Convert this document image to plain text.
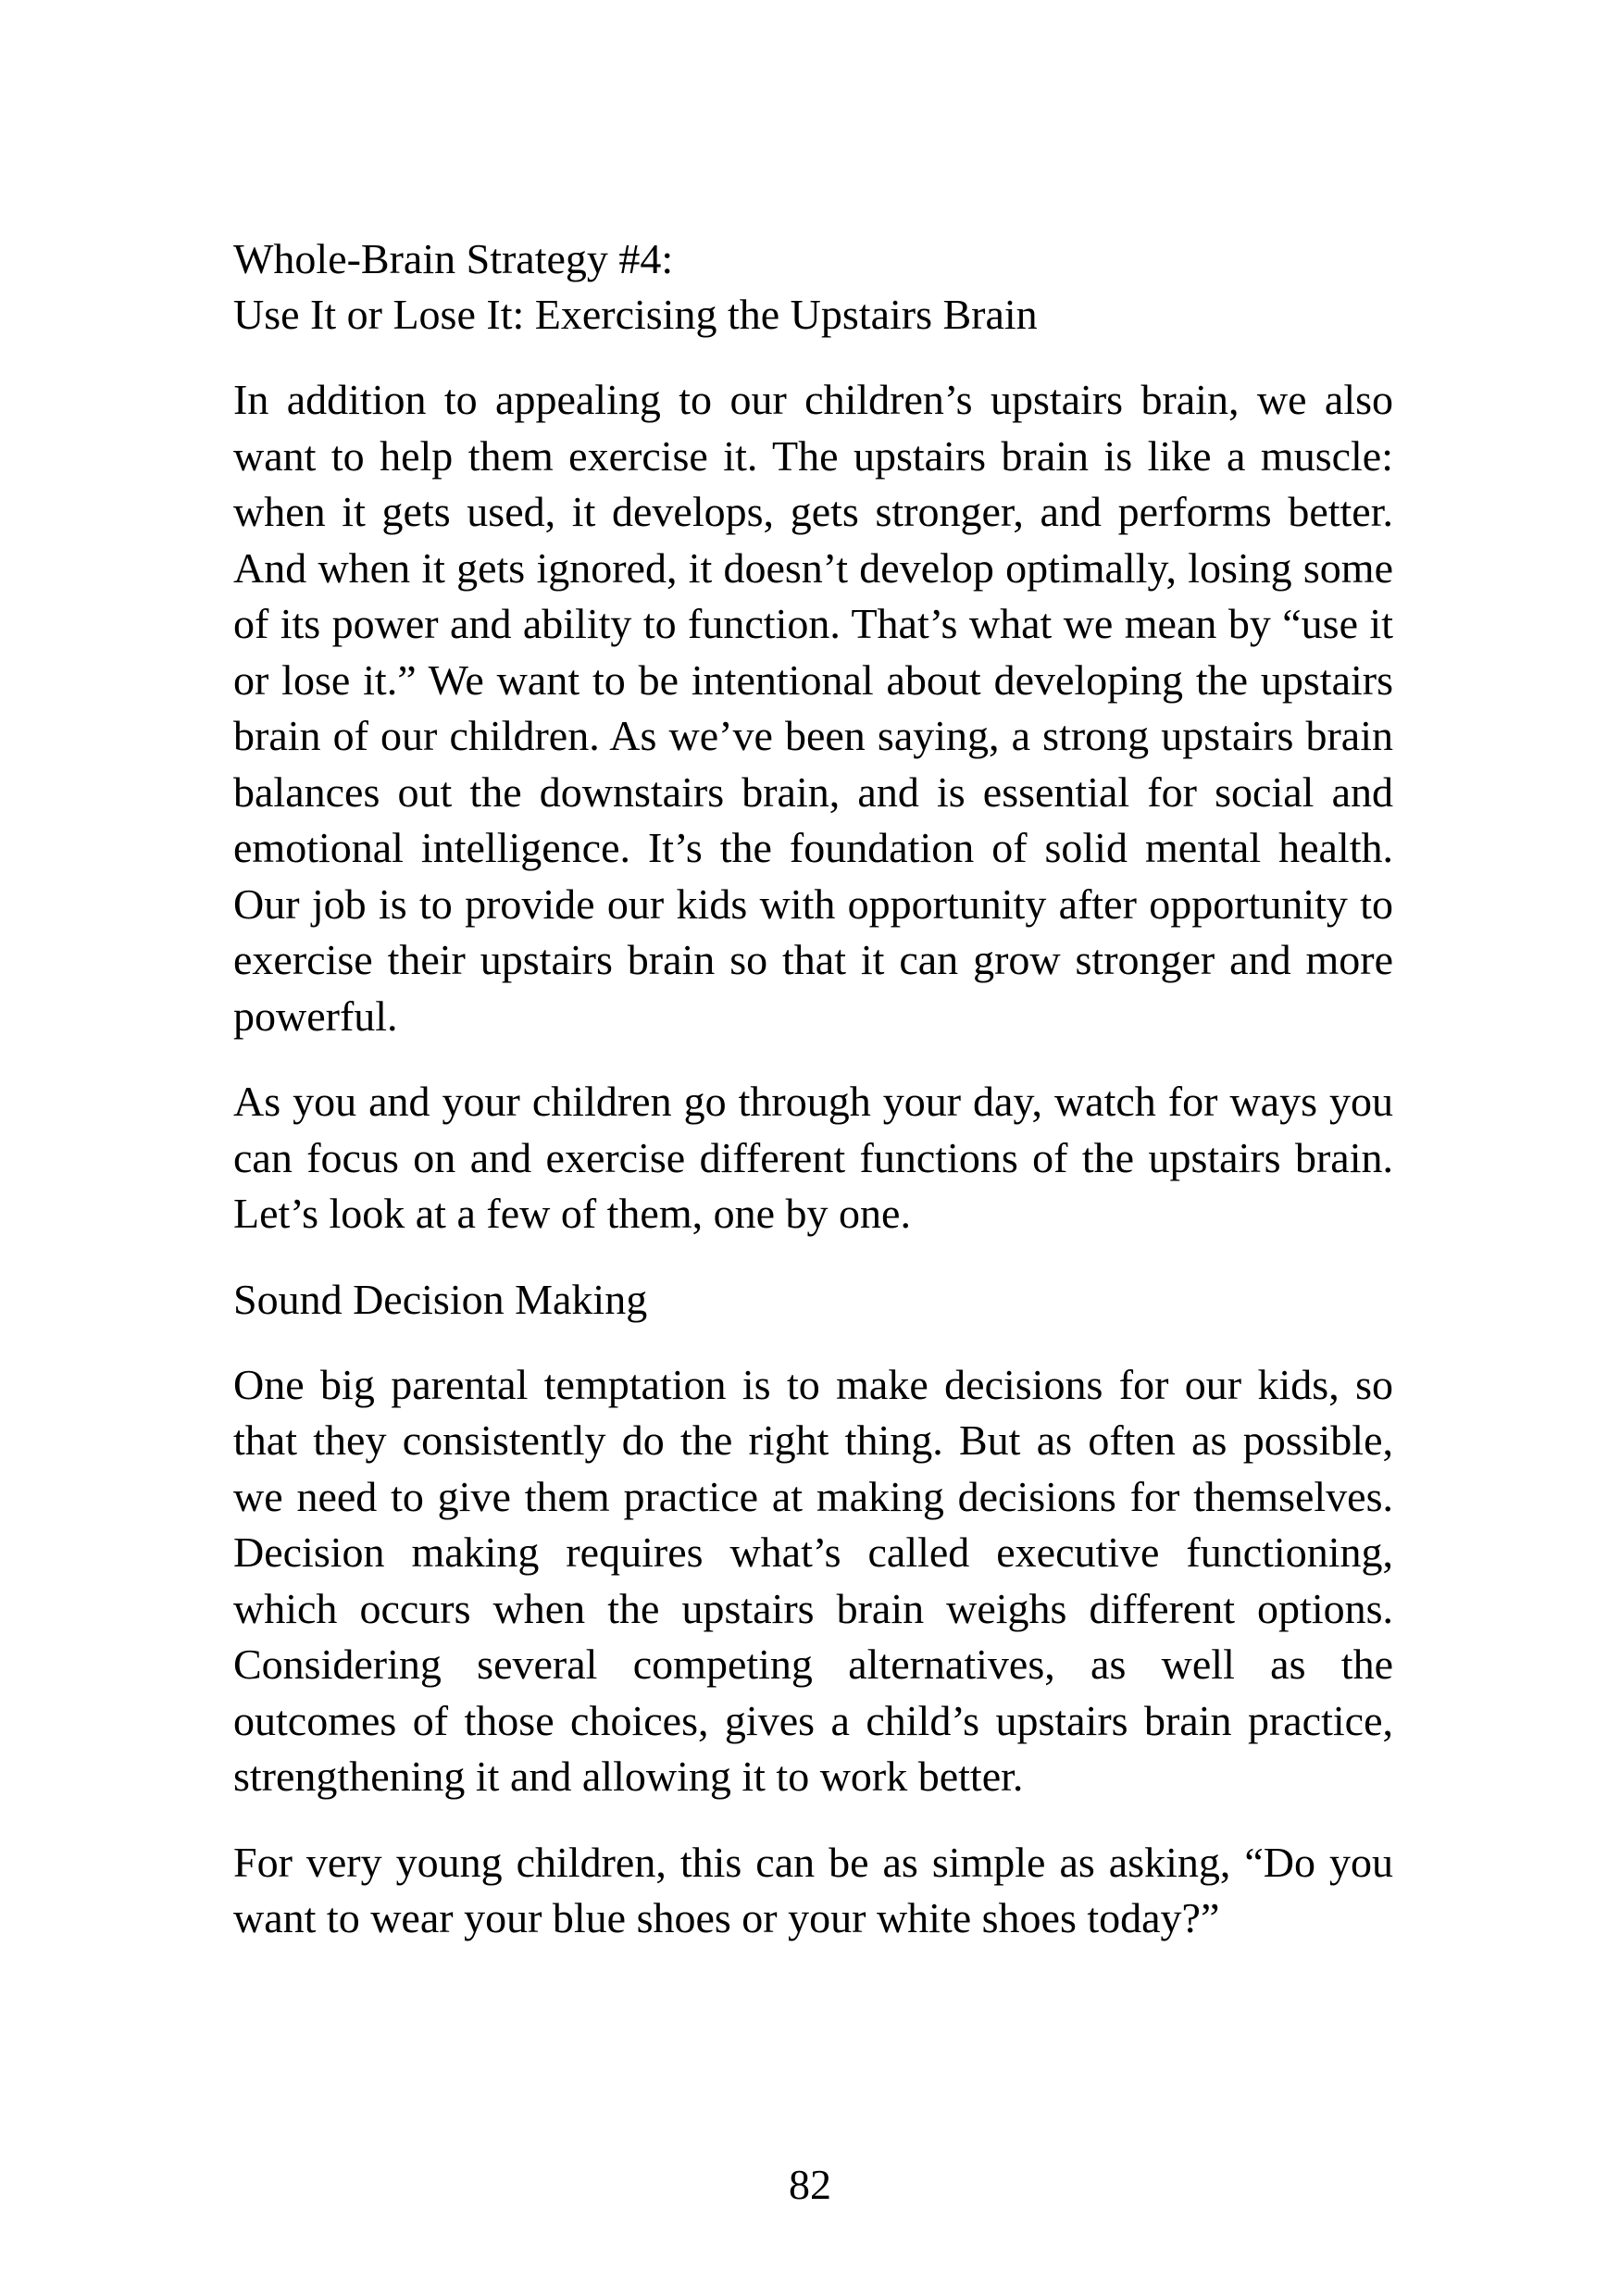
Whole-Brain Strategy #4:

Use It or Lose It: Exercising the Upstairs Brain

In addition to appealing to our children’s upstairs brain, we also want to help them exercise it. The upstairs brain is like a muscle: when it gets used, it develops, gets stronger, and performs better. And when it gets ignored, it doesn’t develop optimally, losing some of its power and ability to function. That’s what we mean by “use it or lose it.” We want to be intentional about developing the upstairs brain of our children. As we’ve been saying, a strong upstairs brain balances out the downstairs brain, and is essential for social and emotional intelligence. It’s the foundation of solid mental health. Our job is to provide our kids with opportunity after opportunity to exercise their upstairs brain so that it can grow stronger and more powerful.

As you and your children go through your day, watch for ways you can focus on and exercise different functions of the upstairs brain. Let’s look at a few of them, one by one.

Sound Decision Making

One big parental temptation is to make decisions for our kids, so that they consistently do the right thing. But as often as possible, we need to give them practice at making decisions for themselves. Decision making requires what’s called executive functioning, which occurs when the upstairs brain weighs different options. Considering several competing alternatives, as well as the outcomes of those choices, gives a child’s upstairs brain practice, strengthening it and allowing it to work better.

For very young children, this can be as simple as asking, “Do you want to wear your blue shoes or your white shoes today?”

82
